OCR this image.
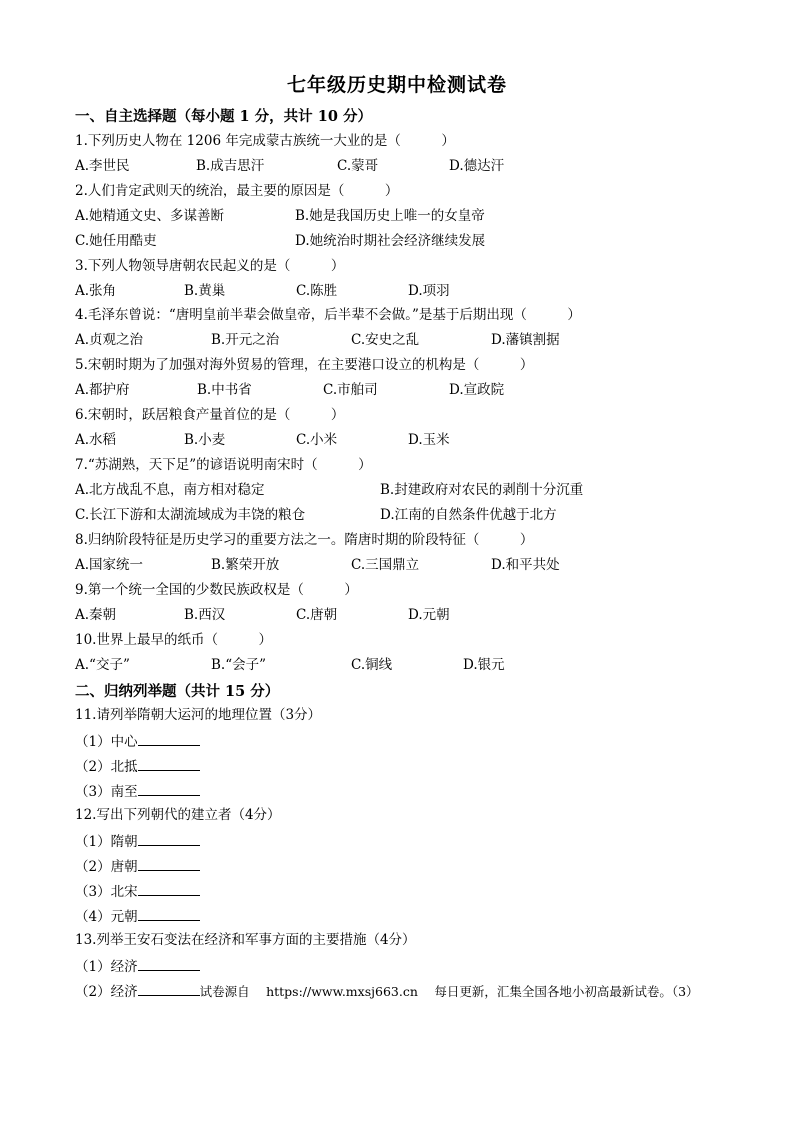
七年级历史期中检测试卷
一、自主选择题（每小题 1 分，共计 10 分）
1.下列历史人物在 1206 年完成蒙古族统一大业的是（　　　）
A.李世民	B.成吉思汗	C.蒙哥	D.德达汗
2.人们肯定武则天的统治，最主要的原因是（　　　）
A.她精通文史、多谋善断	B.她是我国历史上唯一的女皇帝
C.她任用酷吏	D.她统治时期社会经济继续发展
3.下列人物领导唐朝农民起义的是（　　　）
A.张角	B.黄巢	C.陈胜	D.项羽
4.毛泽东曾说：“唐明皇前半辈会做皇帝，后半辈不会做。”是基于后期出现（　　　）
A.贞观之治	B.开元之治	C.安史之乱	D.藩镇割据
5.宋朝时期为了加强对海外贸易的管理，在主要港口设立的机构是（　　　）
A.都护府	B.中书省	C.市舶司	D.宣政院
6.宋朝时，跃居粮食产量首位的是（　　　）
A.水稻	B.小麦	C.小米	D.玉米
7.“苏湖熟，天下足”的谚语说明南宋时（　　　）
A.北方战乱不息，南方相对稳定	B.封建政府对农民的剥削十分沉重
C.长江下游和太湖流域成为丰饶的粮仓	D.江南的自然条件优越于北方
8.归纳阶段特征是历史学习的重要方法之一。隋唐时期的阶段特征（　　　）
A.国家统一	B.繁荣开放	C.三国鼎立	D.和平共处
9.第一个统一全国的少数民族政权是（　　　）
A.秦朝	B.西汉	C.唐朝	D.元朝
10.世界上最早的纸币（　　　）
A.“交子”	B.“会子”	C.铜线	D.银元
二、归纳列举题（共计 15 分）
11.请列举隋朝大运河的地理位置（3分）
（1）中心
（2）北抵
（3）南至
12.写出下列朝代的建立者（4分）
（1）隋朝
（2）唐朝
（3）北宋
（4）元朝
13.列举王安石变法在经济和军事方面的主要措施（4分）
（1）经济
（2）经济	试卷源自　 https://www.mxsj663.cn　 每日更新，汇集全国各地小初高最新试卷。（3）
